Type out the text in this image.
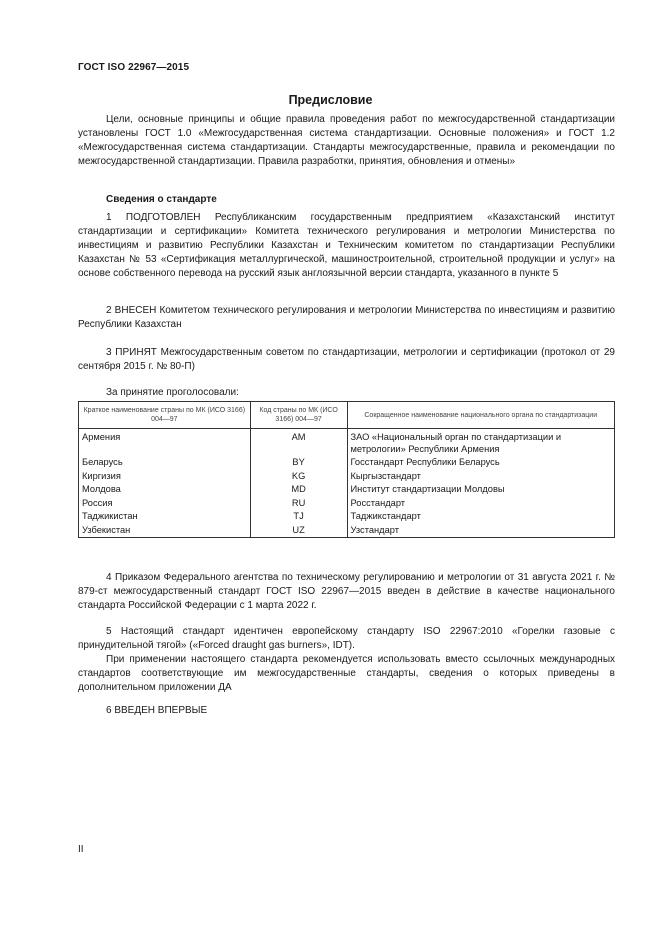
ГОСТ ISO 22967—2015
Предисловие
Цели, основные принципы и общие правила проведения работ по межгосударственной стандартизации установлены ГОСТ 1.0 «Межгосударственная система стандартизации. Основные положения» и ГОСТ 1.2 «Межгосударственная система стандартизации. Стандарты межгосударственные, правила и рекомендации по межгосударственной стандартизации. Правила разработки, принятия, обновления и отмены»
Сведения о стандарте
1 ПОДГОТОВЛЕН Республиканским государственным предприятием «Казахстанский институт стандартизации и сертификации» Комитета технического регулирования и метрологии Министерства по инвестициям и развитию Республики Казахстан и Техническим комитетом по стандартизации Республики Казахстан № 53 «Сертификация металлургической, машиностроительной, строительной продукции и услуг» на основе собственного перевода на русский язык англоязычной версии стандарта, указанного в пункте 5
2 ВНЕСЕН Комитетом технического регулирования и метрологии Министерства по инвестициям и развитию Республики Казахстан
3 ПРИНЯТ Межгосударственным советом по стандартизации, метрологии и сертификации (протокол от 29 сентября 2015 г. № 80-П)
За принятие проголосовали:
Краткое наименование страны по МК (ИСО 3166) 004—97	Код страны по МК (ИСО 3166) 004—97	Сокращенное наименование национального органа по стандартизации
Армения	AM	ЗАО «Национальный орган по стандартизации и метрологии» Республики Армения
Беларусь	BY	Госстандарт Республики Беларусь
Киргизия	KG	Кыргызстандарт
Молдова	MD	Институт стандартизации Молдовы
Россия	RU	Росстандарт
Таджикистан	TJ	Таджикстандарт
Узбекистан	UZ	Узстандарт
4 Приказом Федерального агентства по техническому регулированию и метрологии от 31 августа 2021 г. № 879-ст межгосударственный стандарт ГОСТ ISO 22967—2015 введен в действие в качестве национального стандарта Российской Федерации с 1 марта 2022 г.
5 Настоящий стандарт идентичен европейскому стандарту ISO 22967:2010 «Горелки газовые с принудительной тягой» («Forced draught gas burners», IDT).
При применении настоящего стандарта рекомендуется использовать вместо ссылочных международных стандартов соответствующие им межгосударственные стандарты, сведения о которых приведены в дополнительном приложении ДА
6 ВВЕДЕН ВПЕРВЫЕ
II
